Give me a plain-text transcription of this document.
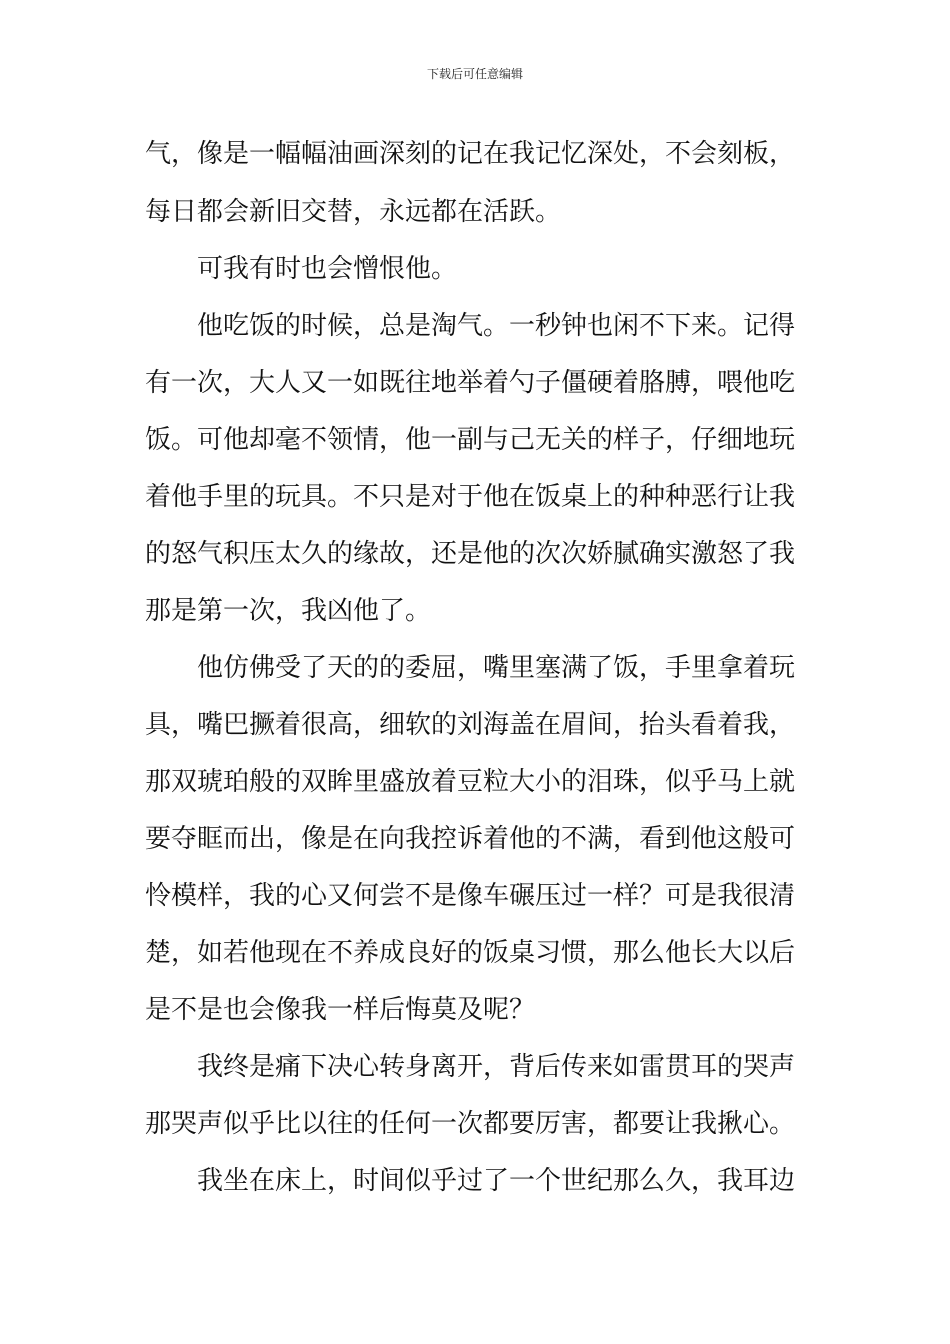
下载后可任意编辑
气，像是一幅幅油画深刻的记在我记忆深处，不会刻板，
每日都会新旧交替，永远都在活跃。
可我有时也会憎恨他。
他吃饭的时候，总是淘气。一秒钟也闲不下来。记得
有一次，大人又一如既往地举着勺子僵硬着胳膊，喂他吃
饭。可他却毫不领情，他一副与己无关的样子，仔细地玩
着他手里的玩具。不只是对于他在饭桌上的种种恶行让我
的怒气积压太久的缘故，还是他的次次娇腻确实激怒了我
那是第一次，我凶他了。
他仿佛受了天的的委屈，嘴里塞满了饭，手里拿着玩
具，嘴巴撅着很高，细软的刘海盖在眉间，抬头看着我，
那双琥珀般的双眸里盛放着豆粒大小的泪珠，似乎马上就
要夺眶而出，像是在向我控诉着他的不满，看到他这般可
怜模样，我的心又何尝不是像车碾压过一样？可是我很清
楚，如若他现在不养成良好的饭桌习惯，那么他长大以后
是不是也会像我一样后悔莫及呢？
我终是痛下决心转身离开，背后传来如雷贯耳的哭声
那哭声似乎比以往的任何一次都要厉害，都要让我揪心。
我坐在床上，时间似乎过了一个世纪那么久，我耳边
